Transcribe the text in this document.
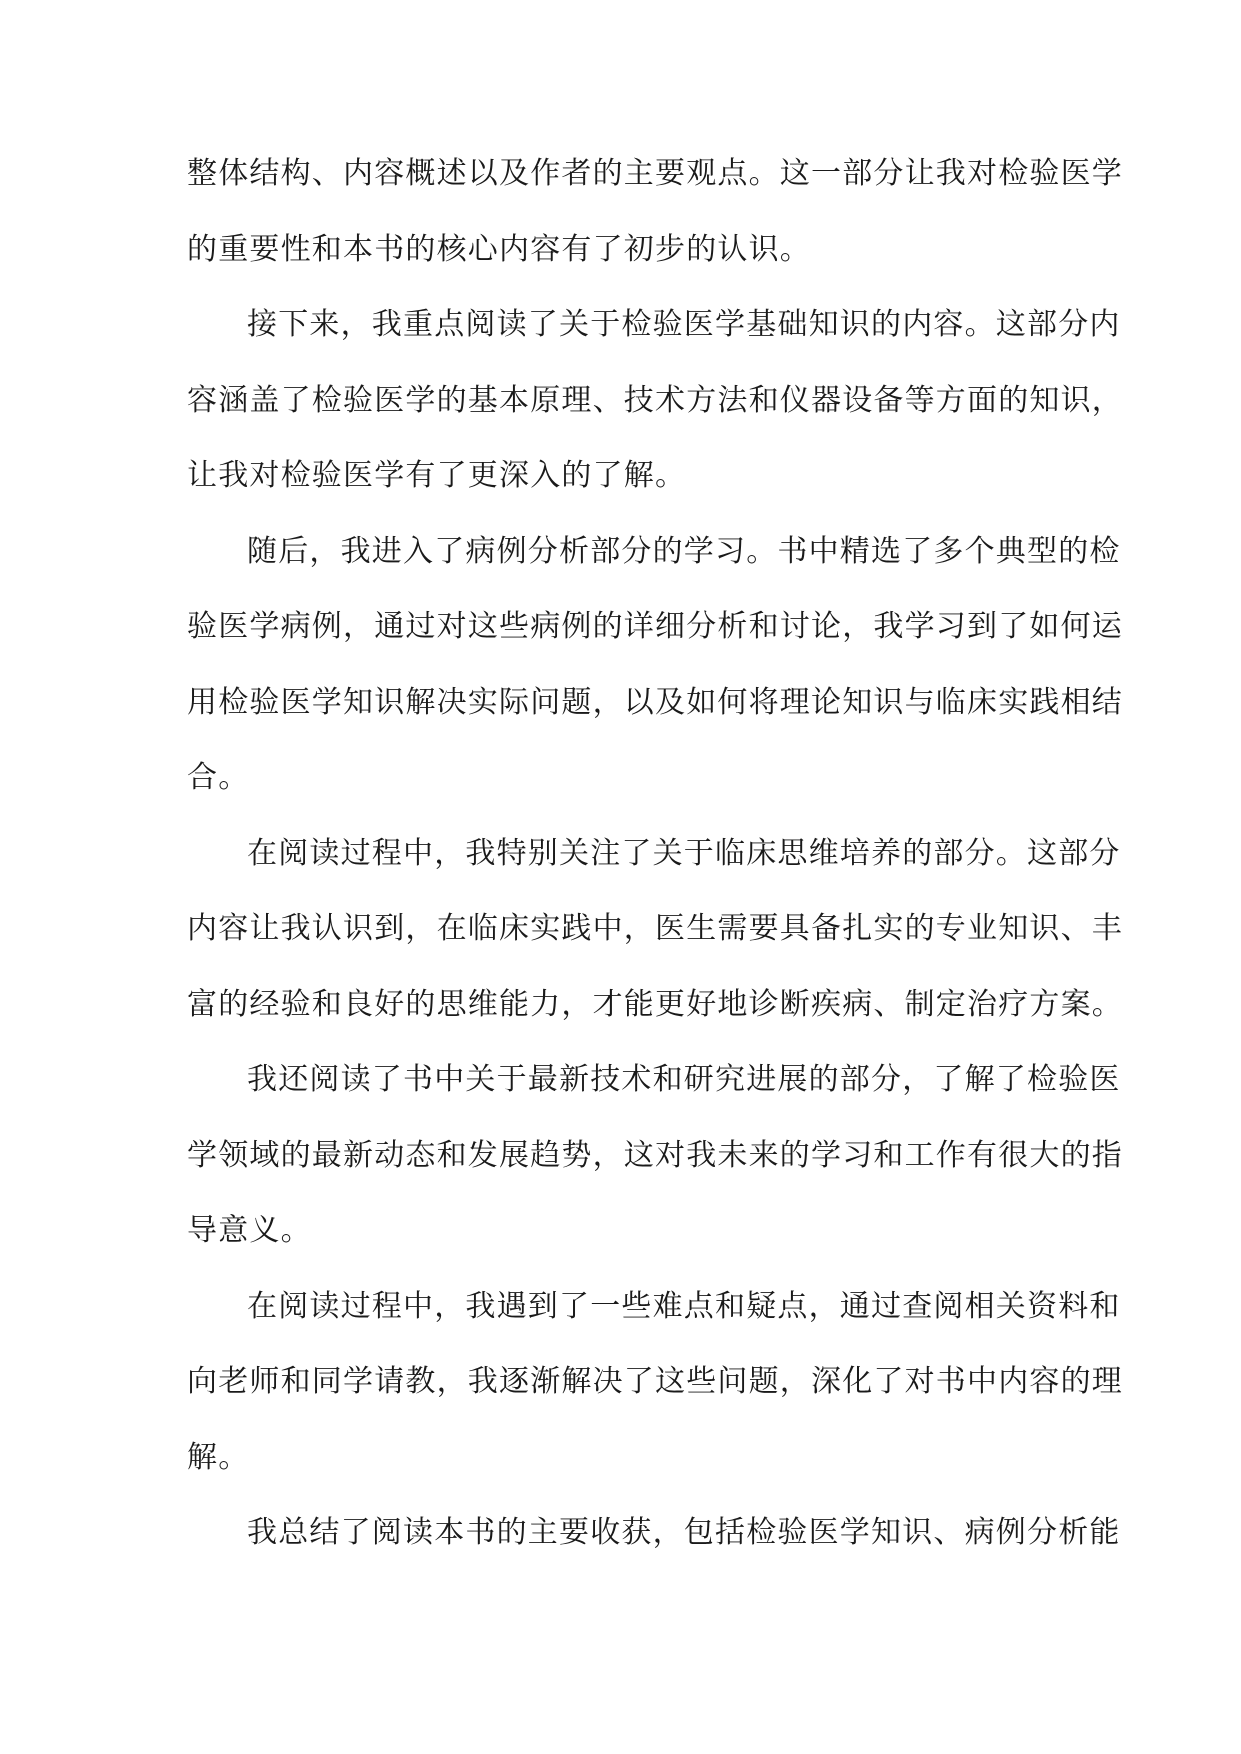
整体结构、内容概述以及作者的主要观点。这一部分让我对检验医学
的重要性和本书的核心内容有了初步的认识。

接下来，我重点阅读了关于检验医学基础知识的内容。这部分内
容涵盖了检验医学的基本原理、技术方法和仪器设备等方面的知识，
让我对检验医学有了更深入的了解。

随后，我进入了病例分析部分的学习。书中精选了多个典型的检
验医学病例，通过对这些病例的详细分析和讨论，我学习到了如何运
用检验医学知识解决实际问题，以及如何将理论知识与临床实践相结
合。

在阅读过程中，我特别关注了关于临床思维培养的部分。这部分
内容让我认识到，在临床实践中，医生需要具备扎实的专业知识、丰
富的经验和良好的思维能力，才能更好地诊断疾病、制定治疗方案。

我还阅读了书中关于最新技术和研究进展的部分，了解了检验医
学领域的最新动态和发展趋势，这对我未来的学习和工作有很大的指
导意义。

在阅读过程中，我遇到了一些难点和疑点，通过查阅相关资料和
向老师和同学请教，我逐渐解决了这些问题，深化了对书中内容的理
解。

我总结了阅读本书的主要收获，包括检验医学知识、病例分析能
